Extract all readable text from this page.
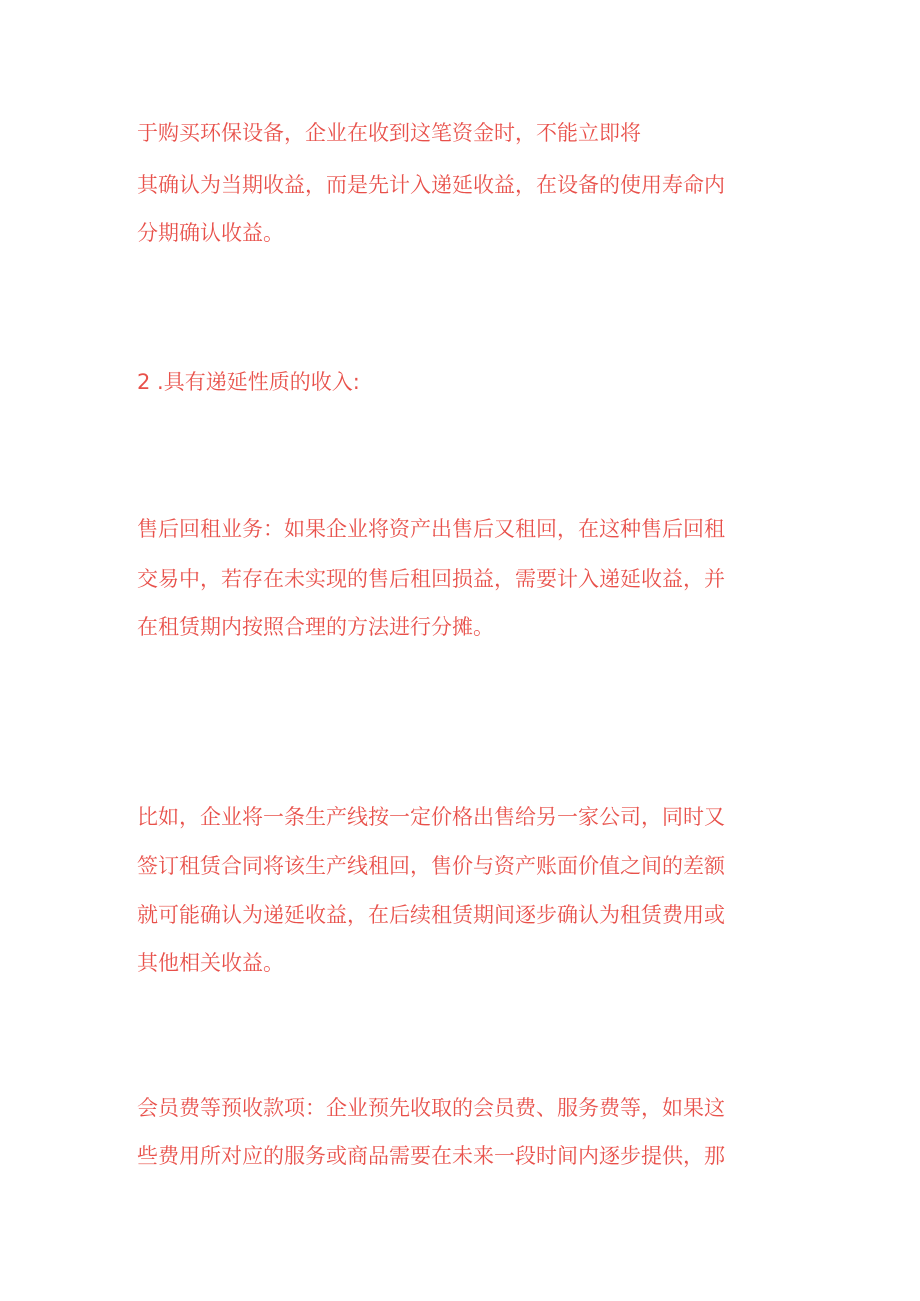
于购买环保设备，企业在收到这笔资金时，不能立即将

其确认为当期收益，而是先计入递延收益，在设备的使用寿命内

分期确认收益。

2 .具有递延性质的收入:

售后回租业务：如果企业将资产出售后又租回，在这种售后回租

交易中，若存在未实现的售后租回损益，需要计入递延收益，并

在租赁期内按照合理的方法进行分摊。

比如，企业将一条生产线按一定价格出售给另一家公司，同时又

签订租赁合同将该生产线租回，售价与资产账面价值之间的差额

就可能确认为递延收益，在后续租赁期间逐步确认为租赁费用或

其他相关收益。

会员费等预收款项：企业预先收取的会员费、服务费等，如果这

些费用所对应的服务或商品需要在未来一段时间内逐步提供，那
